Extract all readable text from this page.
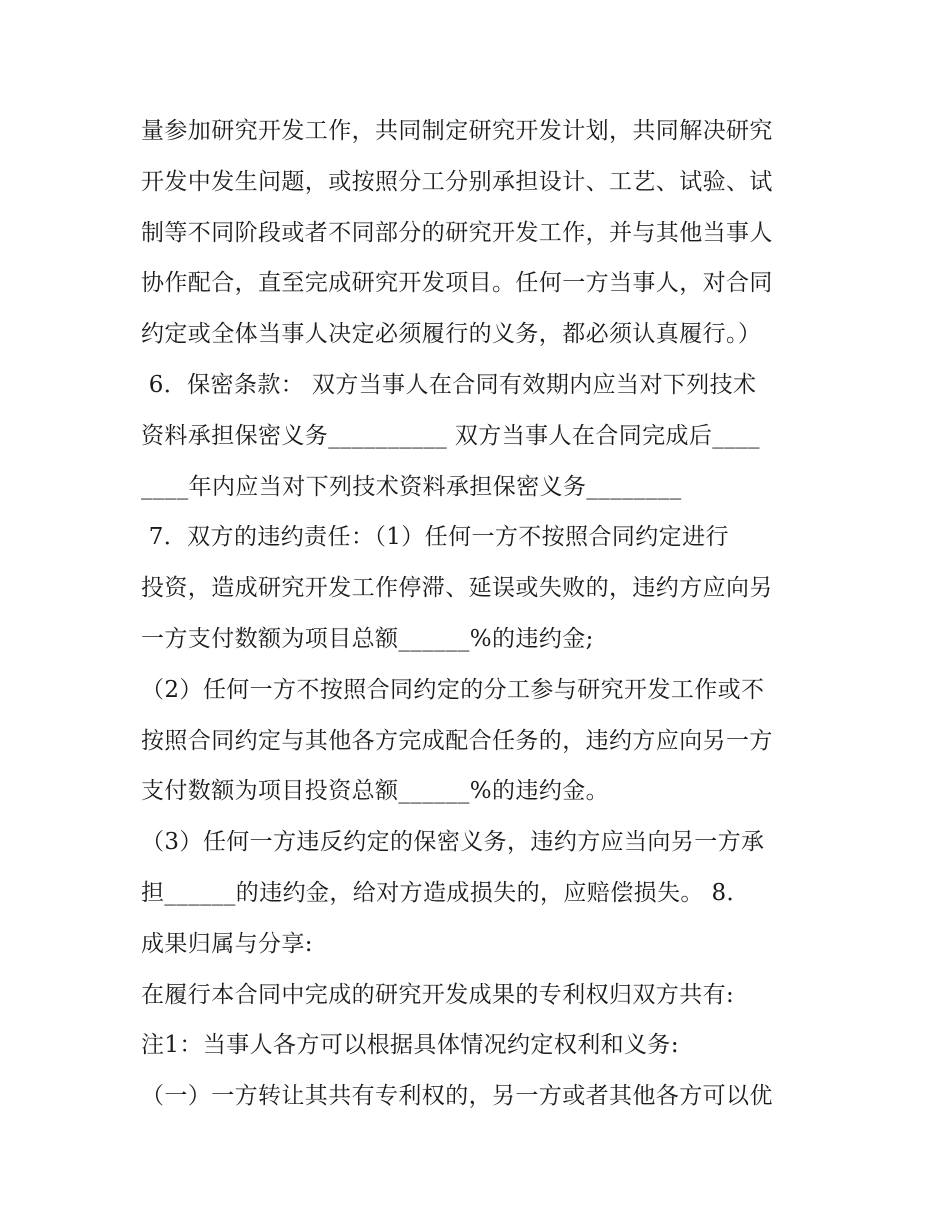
量参加研究开发工作，共同制定研究开发计划，共同解决研究
开发中发生问题，或按照分工分别承担设计、工艺、试验、试
制等不同阶段或者不同部分的研究开发工作，并与其他当事人
协作配合，直至完成研究开发项目。任何一方当事人，对合同
约定或全体当事人决定必须履行的义务，都必须认真履行。）
6．保密条款： 双方当事人在合同有效期内应当对下列技术
资料承担保密义务__________ 双方当事人在合同完成后____
____年内应当对下列技术资料承担保密义务________
7．双方的违约责任：（1）任何一方不按照合同约定进行
投资，造成研究开发工作停滞、延误或失败的，违约方应向另
一方支付数额为项目总额______%的违约金;
（2）任何一方不按照合同约定的分工参与研究开发工作或不
按照合同约定与其他各方完成配合任务的，违约方应向另一方
支付数额为项目投资总额______%的违约金。
（3）任何一方违反约定的保密义务，违约方应当向另一方承
担______的违约金，给对方造成损失的，应赔偿损失。 8．
成果归属与分享:
在履行本合同中完成的研究开发成果的专利权归双方共有:
注1：当事人各方可以根据具体情况约定权利和义务:
（一）一方转让其共有专利权的，另一方或者其他各方可以优
